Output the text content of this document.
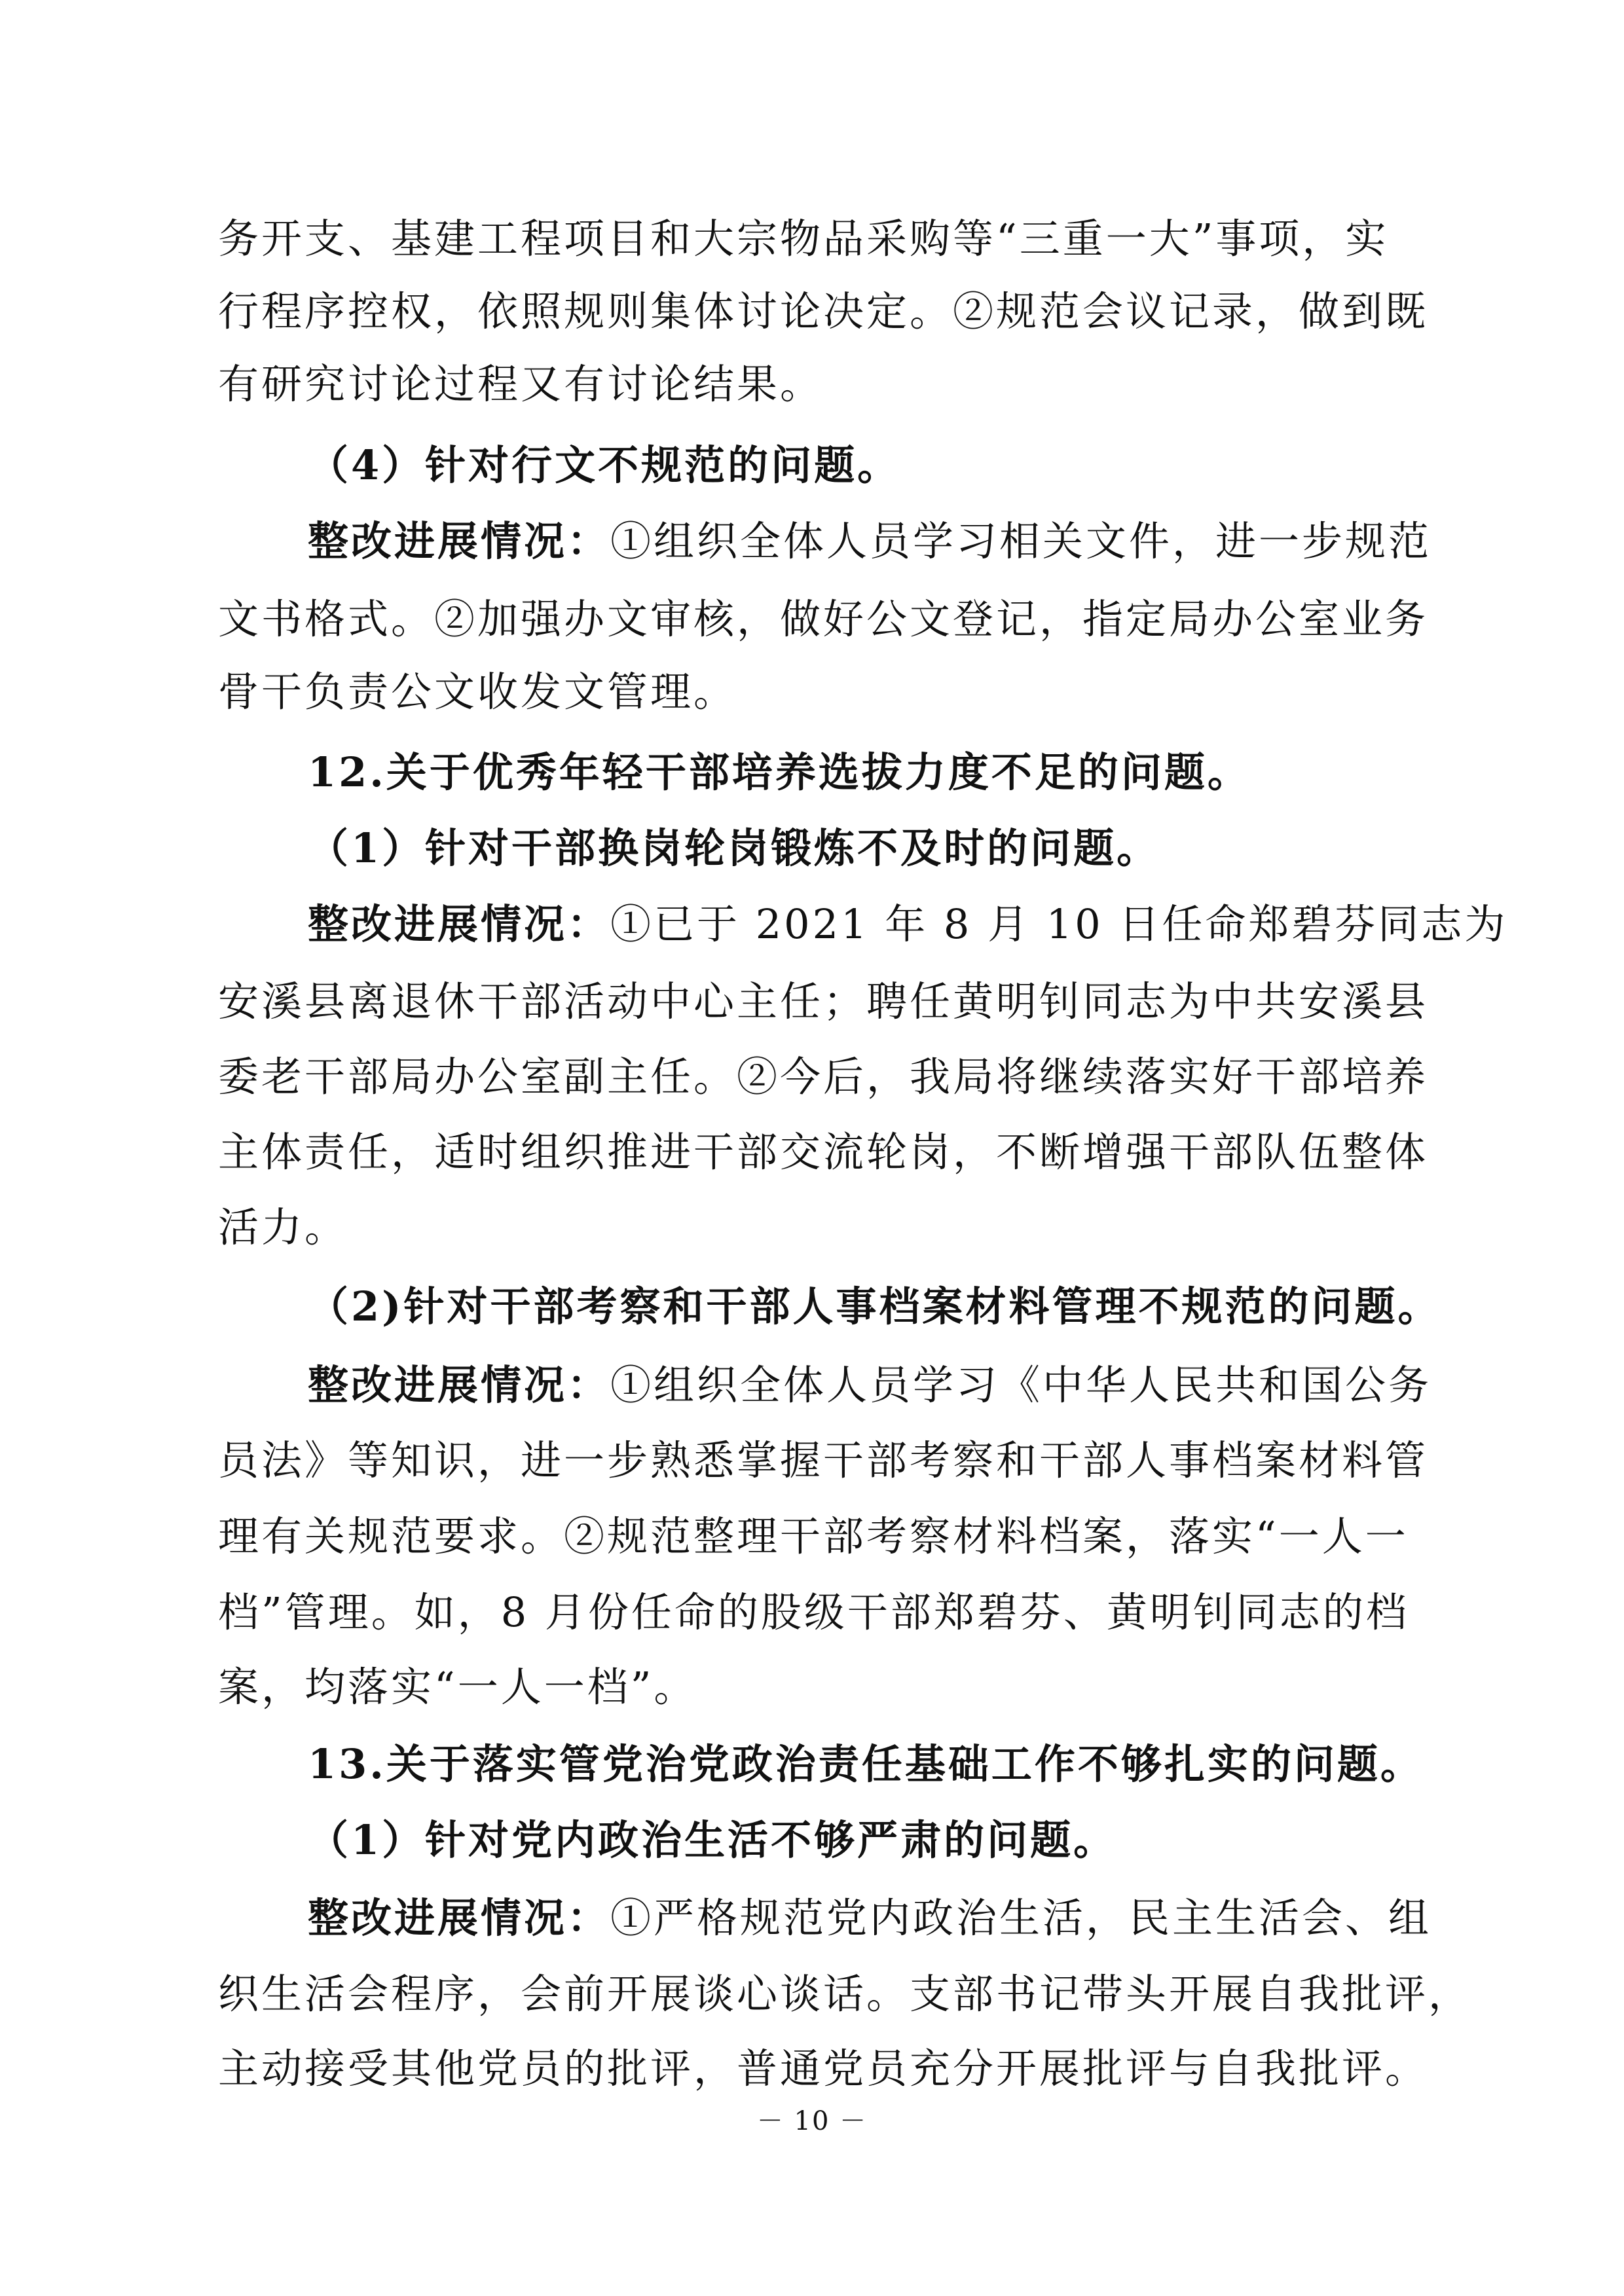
务开支、基建工程项目和大宗物品采购等“三重一大”事项，实
行程序控权，依照规则集体讨论决定。②规范会议记录，做到既
有研究讨论过程又有讨论结果。
（4）针对行文不规范的问题。
整改进展情况：①组织全体人员学习相关文件，进一步规范
文书格式。②加强办文审核，做好公文登记，指定局办公室业务
骨干负责公文收发文管理。
12.关于优秀年轻干部培养选拔力度不足的问题。
（1）针对干部换岗轮岗锻炼不及时的问题。
整改进展情况：①已于 2021 年 8 月 10 日任命郑碧芬同志为
安溪县离退休干部活动中心主任；聘任黄明钊同志为中共安溪县
委老干部局办公室副主任。②今后，我局将继续落实好干部培养
主体责任，适时组织推进干部交流轮岗，不断增强干部队伍整体
活力。
（2)针对干部考察和干部人事档案材料管理不规范的问题。
整改进展情况：①组织全体人员学习《中华人民共和国公务
员法》等知识，进一步熟悉掌握干部考察和干部人事档案材料管
理有关规范要求。②规范整理干部考察材料档案，落实“一人一
档”管理。如，8 月份任命的股级干部郑碧芬、黄明钊同志的档
案，均落实“一人一档”。
13.关于落实管党治党政治责任基础工作不够扎实的问题。
（1）针对党内政治生活不够严肃的问题。
整改进展情况：①严格规范党内政治生活，民主生活会、组
织生活会程序，会前开展谈心谈话。支部书记带头开展自我批评，
主动接受其他党员的批评，普通党员充分开展批评与自我批评。
－ 10 －
